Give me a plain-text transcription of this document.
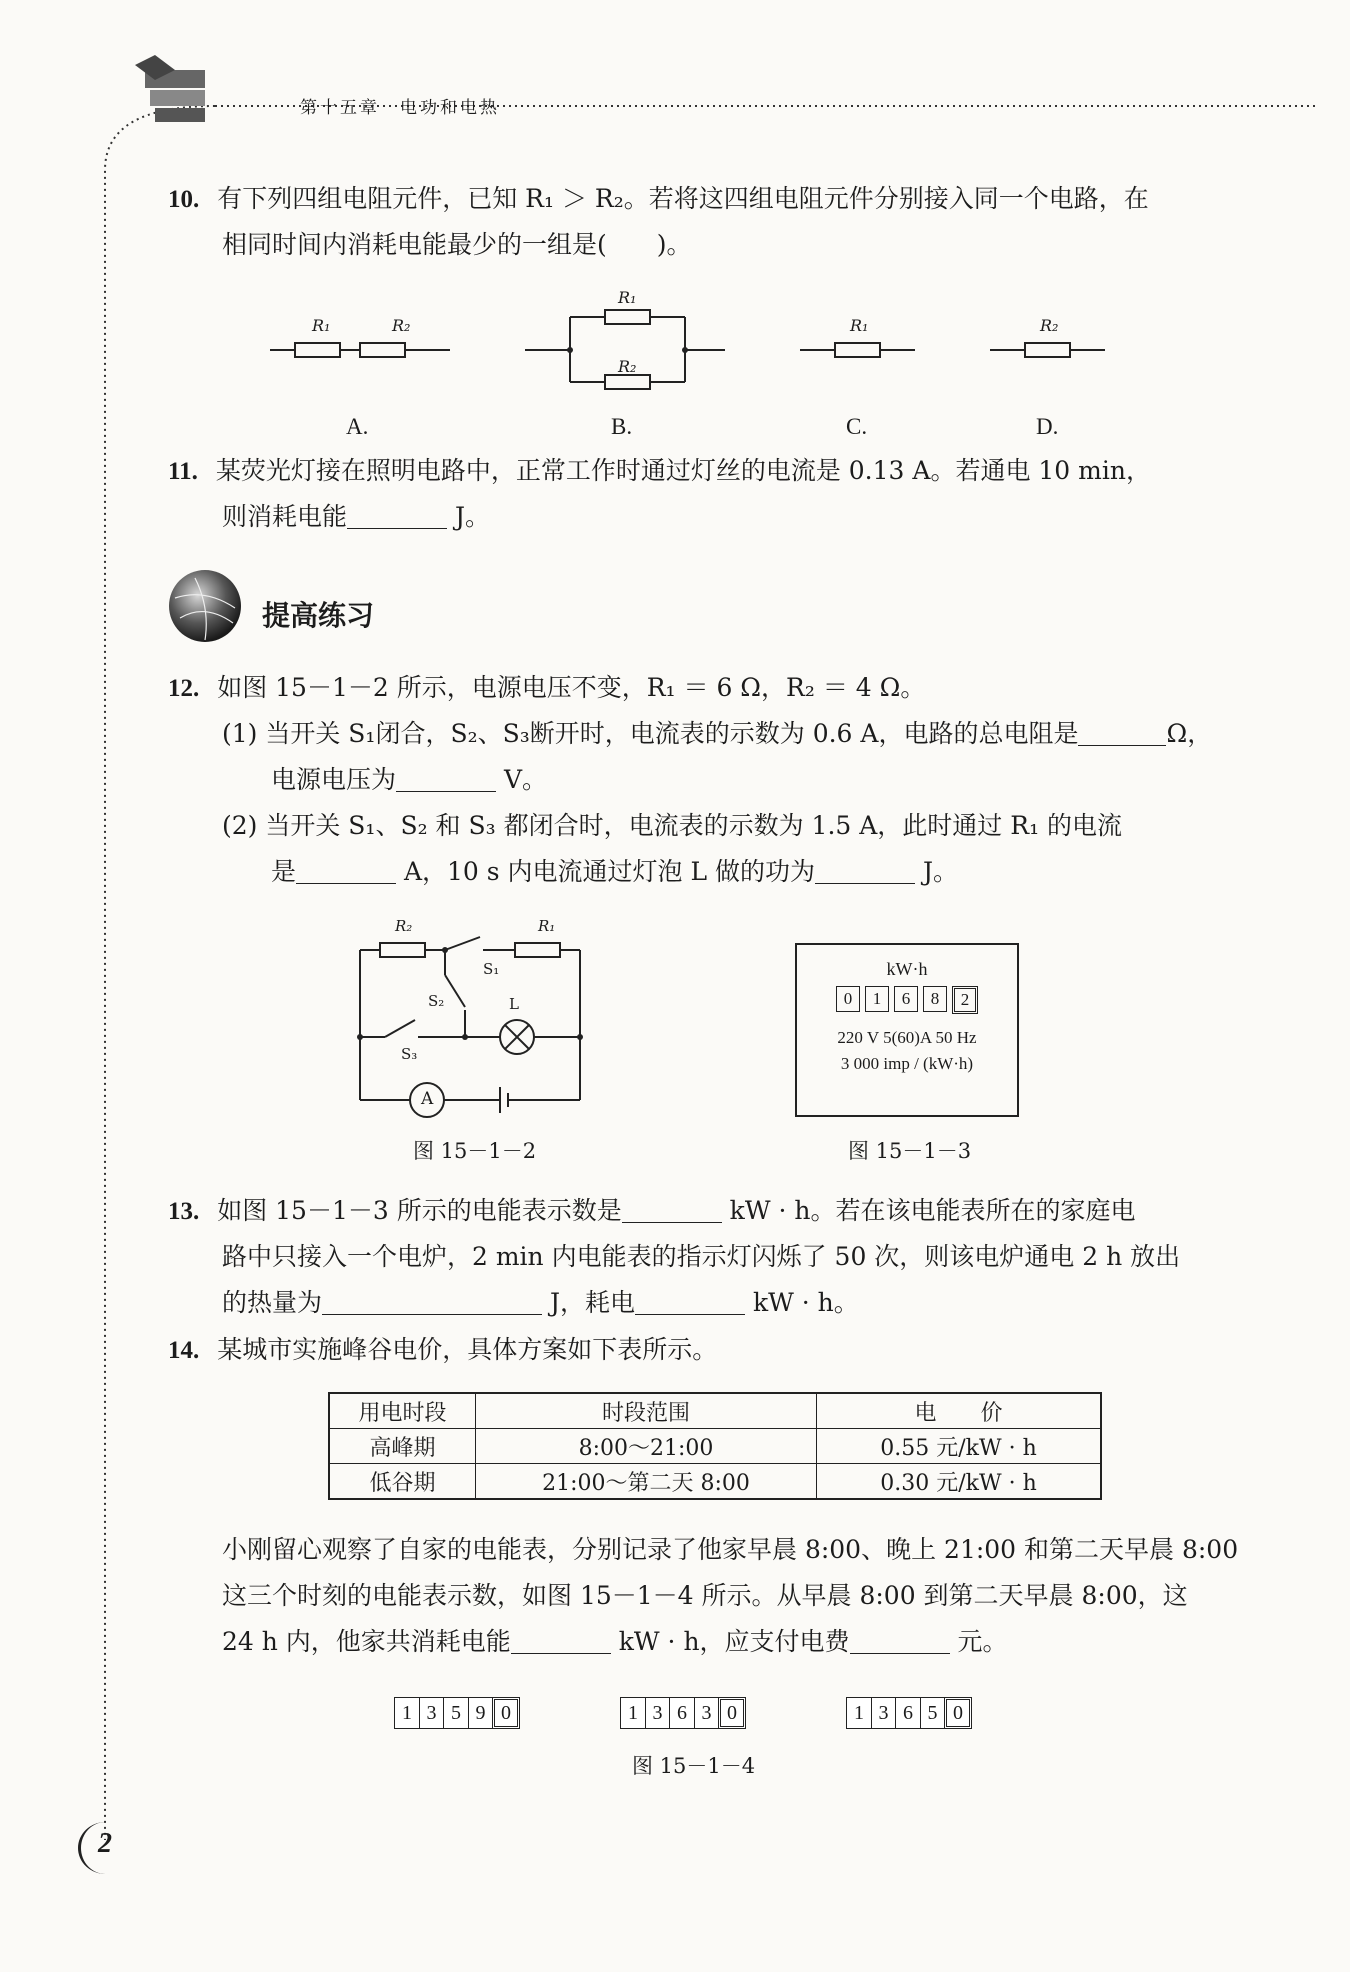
第十五章　电功和电热
10. 有下列四组电阻元件，已知 R₁ ＞ R₂。若将这四组电阻元件分别接入同一个电路，在
相同时间内消耗电能最少的一组是(　　)。
R₁	R₂
R₁
R₂
R₁	R₂
A.	B.	C.	D.
11. 某荧光灯接在照明电路中，正常工作时通过灯丝的电流是 0.13 A。若通电 10 min，
则消耗电能	J。
提高练习
12. 如图 15－1－2 所示，电源电压不变，R₁ ＝ 6 Ω，R₂ ＝ 4 Ω。
(1) 当开关 S₁闭合，S₂、S₃断开时，电流表的示数为 0.6 A，电路的总电阻是	Ω，
电源电压为	V。
(2) 当开关 S₁、S₂ 和 S₃ 都闭合时，电流表的示数为 1.5 A，此时通过 R₁ 的电流
是	A，10 s 内电流通过灯泡 L 做的功为	J。
R₂	R₁
S₁
S₂	L
S₃
A
图 15－1－2
kW·h
0	1	6	8	2
220 V 5(60)A 50 Hz
3 000 imp / (kW·h)
图 15－1－3
13. 如图 15－1－3 所示的电能表示数是	kW · h。若在该电能表所在的家庭电
路中只接入一个电炉，2 min 内电能表的指示灯闪烁了 50 次，则该电炉通电 2 h 放出
的热量为	J，耗电	kW · h。
14. 某城市实施峰谷电价，具体方案如下表所示。
用电时段	时段范围	电　　价
高峰期	8:00～21:00	0.55 元/kW · h
低谷期	21:00～第二天 8:00	0.30 元/kW · h
小刚留心观察了自家的电能表，分别记录了他家早晨 8:00、晚上 21:00 和第二天早晨 8:00
这三个时刻的电能表示数，如图 15－1－4 所示。从早晨 8:00 到第二天早晨 8:00，这
24 h 内，他家共消耗电能	kW · h，应支付电费	元。
1 3 5 9 0	1 3 6 3 0	1 3 6 5 0
图 15－1－4
2
